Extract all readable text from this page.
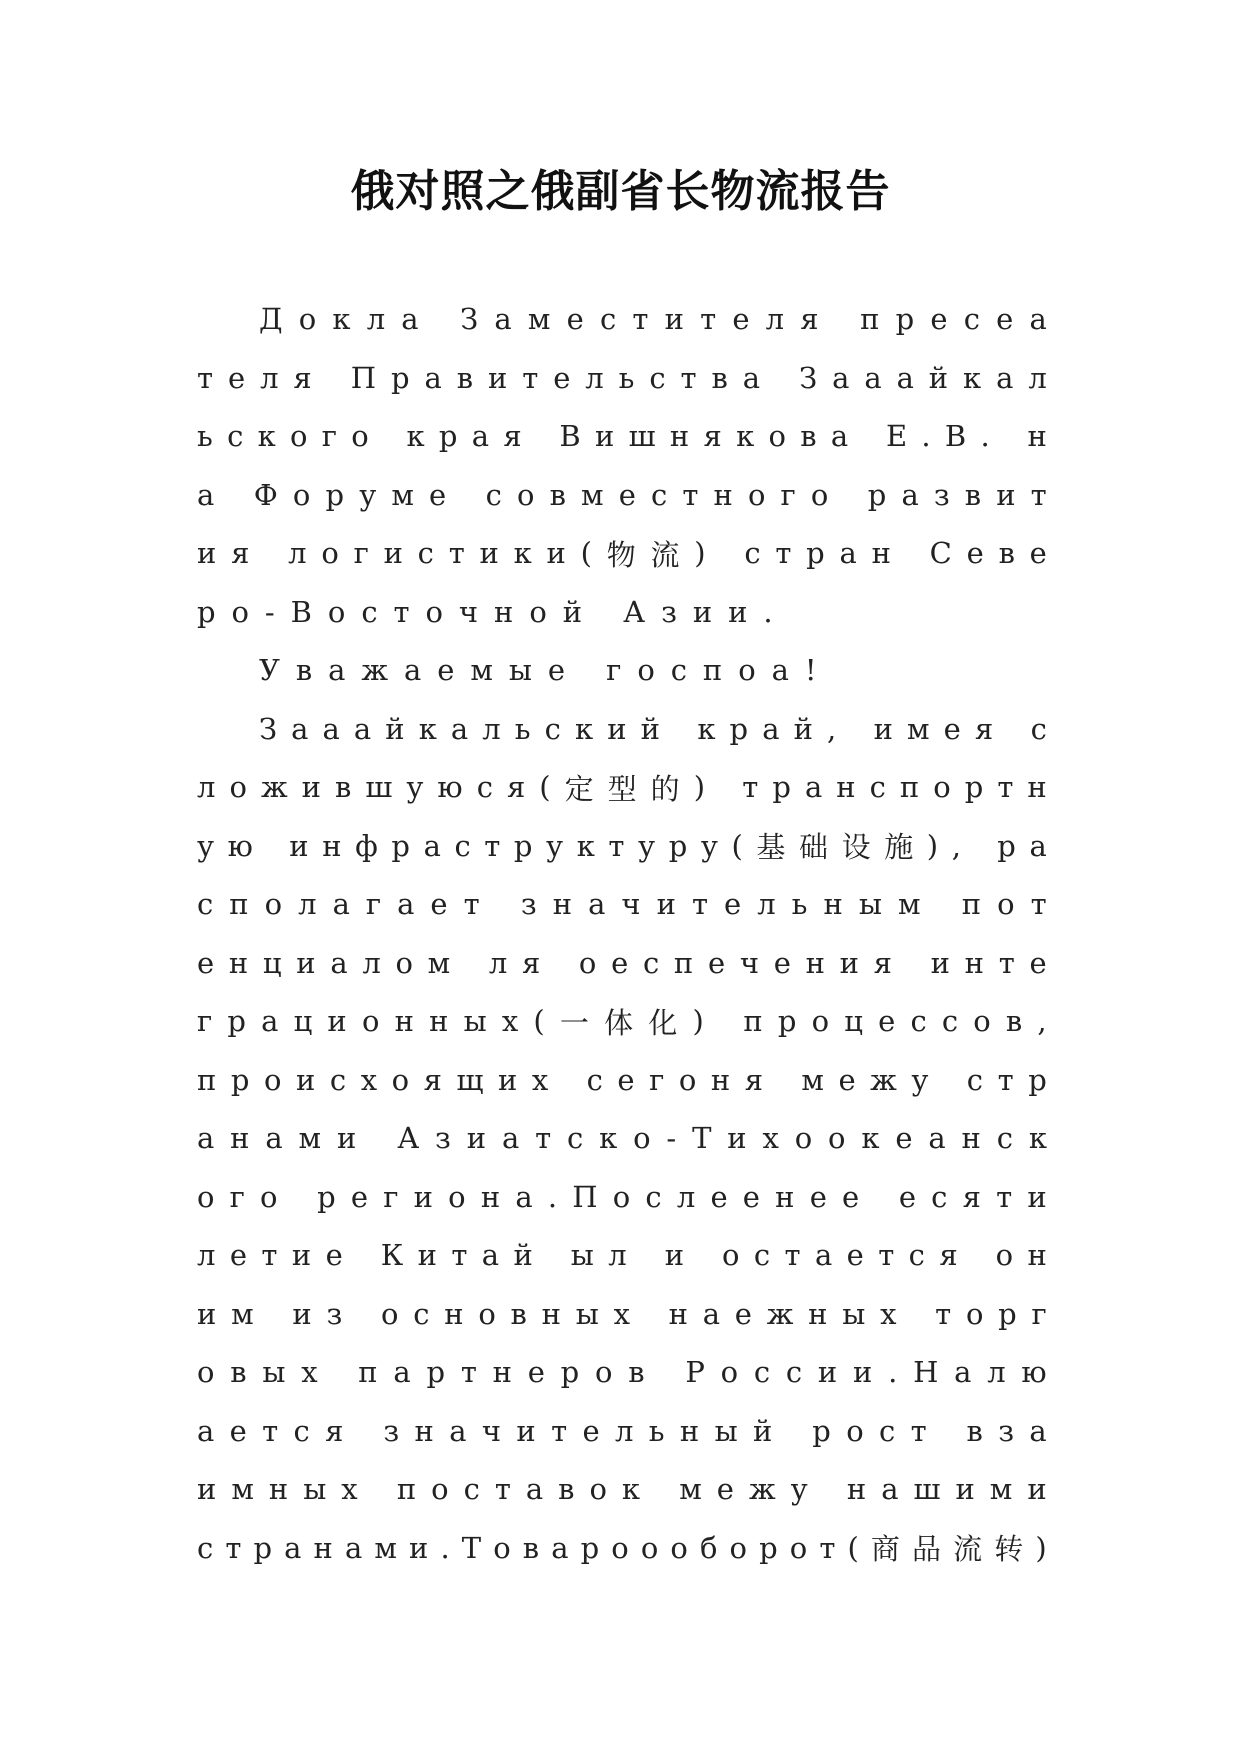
俄对照之俄副省长物流报告
Д о к л а
З а м е с т и т е л я
п р е с е а
т е л я
П р а в и т е л ь с т в а
З а а а й к а л
ь с к о г о
к р а я
В и ш н я к о в а
Е . В .
н
а
Ф о р у м е
с о в м е с т н о г о
р а з в и т
и я
л о г и с т и к и ( 物 流 )
с т р а н
С е в е
р о - В о с т о ч н о й
А з и и .
У в а ж а е м ы е
г о с п о а !
З а а а й к а л ь с к и й
к р а й ,
и м е я
с
л о ж и в ш у ю с я ( 定 型 的 )
т р а н с п о р т н
у ю
и н ф р а с т р у к т у р у ( 基 础 设 施 ) ,
р а
с п о л а г а е т
з н а ч и т е л ь н ы м
п о т
е н ц и а л о м
л я
о е с п е ч е н и я
и н т е
г р а ц и о н н ы х ( 一 体 化 )
п р о ц е с с о в ,
п р о и с х о я щ и х
с е г о н я
м е ж у
с т р
а н а м и
А з и а т с к о - Т и х о о к е а н с к
о г о
р е г и о н а . П о с л е е н е е
е с я т и
л е т и е
К и т а й
ы л
и
о с т а е т с я
о н
и м
и з
о с н о в н ы х
н а е ж н ы х
т о р г
о в ы х
п а р т н е р о в
Р о с с и и . Н а л ю
а е т с я
з н а ч и т е л ь н ы й
р о с т
в з а
и м н ы х
п о с т а в о к
м е ж у
н а ш и м и
с т р а н а м и . Т о в а р о о о б о р о т ( 商 品 流 转 )
